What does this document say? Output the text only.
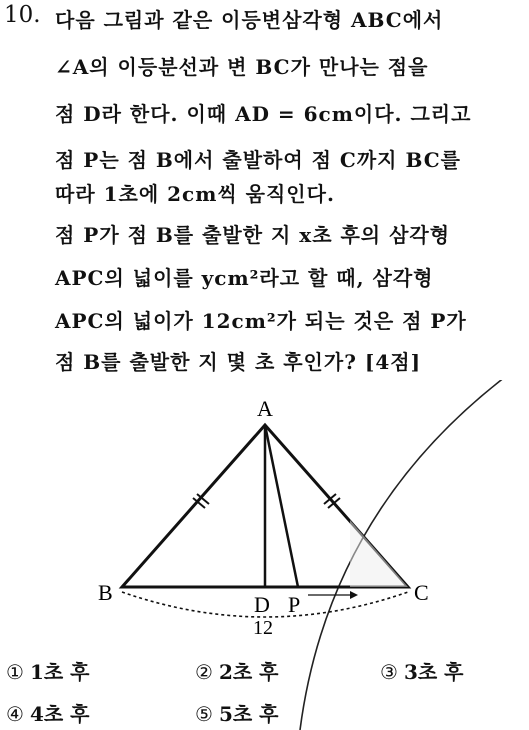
10. 다음 그림과 같은 이등변삼각형 ABC에서
∠A의 이등분선과 변 BC가 만나는 점을
점 D라 한다. 이때 AD = 6cm이다. 그리고
점 P는 점 B에서 출발하여 점 C까지 BC를
따라 1초에 2cm씩 움직인다.
점 P가 점 B를 출발한 지 x초 후의 삼각형
APC의 넓이를 ycm²라고 할 때, 삼각형
APC의 넓이가 12cm²가 되는 것은 점 P가
점 B를 출발한 지 몇 초 후인가? [4점]
A
B	C
D P
12
① 1초 후	② 2초 후	③ 3초 후
④ 4초 후	⑤ 5초 후
